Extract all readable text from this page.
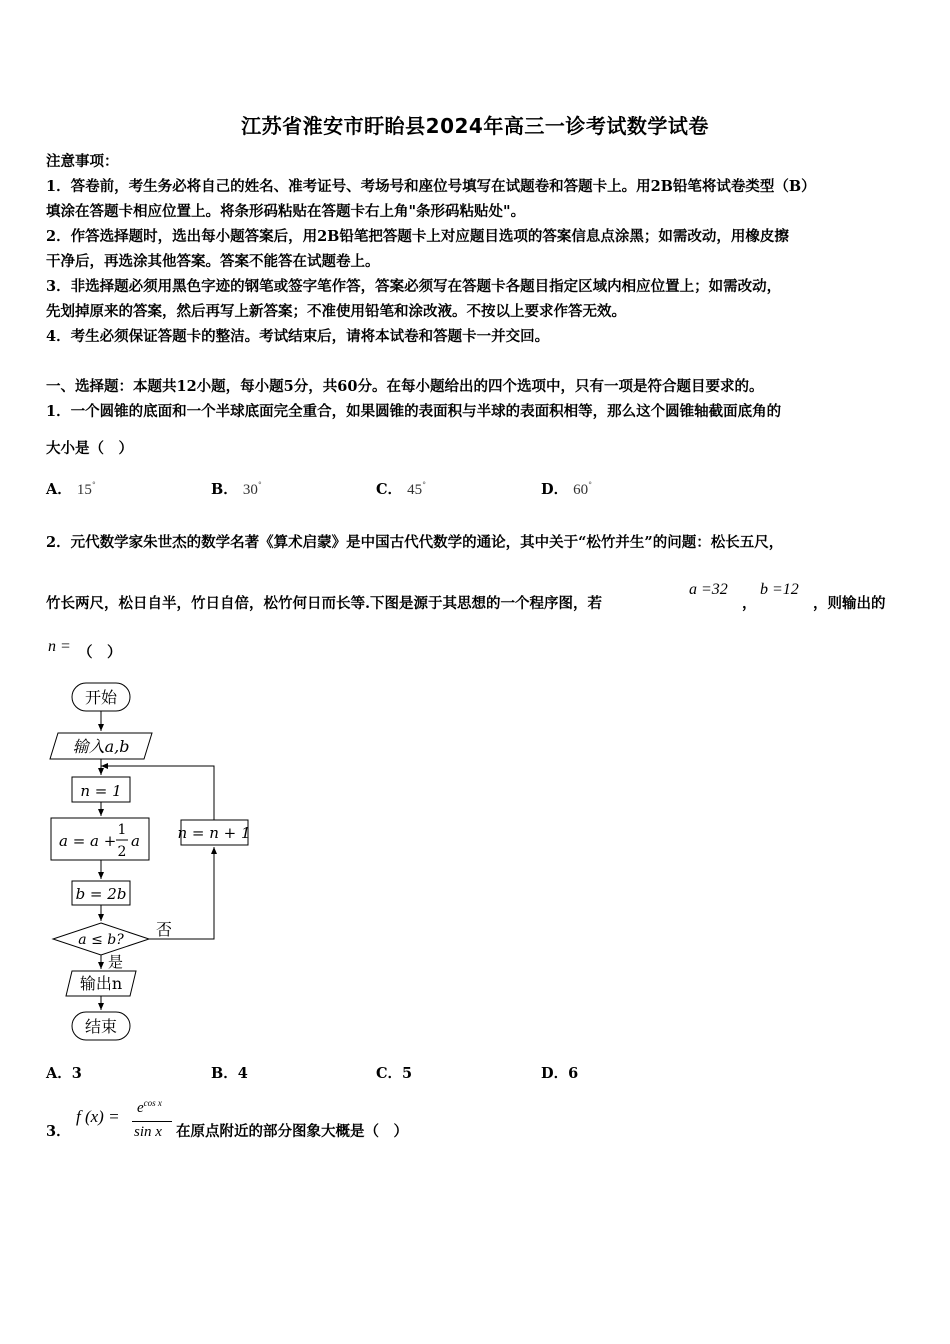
江苏省淮安市盱眙县2024年高三一诊考试数学试卷
注意事项：
1．答卷前，考生务必将自己的姓名、准考证号、考场号和座位号填写在试题卷和答题卡上。用2B铅笔将试卷类型（B）
填涂在答题卡相应位置上。将条形码粘贴在答题卡右上角"条形码粘贴处"。
2．作答选择题时，选出每小题答案后，用2B铅笔把答题卡上对应题目选项的答案信息点涂黑；如需改动，用橡皮擦
干净后，再选涂其他答案。答案不能答在试题卷上。
3．非选择题必须用黑色字迹的钢笔或签字笔作答，答案必须写在答题卡各题目指定区域内相应位置上；如需改动，
先划掉原来的答案，然后再写上新答案；不准使用铅笔和涂改液。不按以上要求作答无效。
4．考生必须保证答题卡的整洁。考试结束后，请将本试卷和答题卡一并交回。
一、选择题：本题共12小题，每小题5分，共60分。在每小题给出的四个选项中，只有一项是符合题目要求的。
1．一个圆锥的底面和一个半球底面完全重合，如果圆锥的表面积与半球的表面积相等，那么这个圆锥轴截面底角的
大小是（　）
A． 15°	B． 30°	C． 45°	D． 60°
2．元代数学家朱世杰的数学名著《算术启蒙》是中国古代代数学的通论，其中关于“松竹并生”的问题：松长五尺，
竹长两尺，松日自半，竹日自倍，松竹何日而长等.下图是源于其思想的一个程序图，若
a =32
，
b =12
，则输出的
n = （　）
开始
输入a,b
n = 1
a = a +
1
2
a
b = 2b
a ≤ b?
否
是
n = n + 1
输出n
结束
A．3	B．4	C．5	D．6
3．
f $(x) = e^{cos x}$
sin x 在原点附近的部分图象大概是（　）
